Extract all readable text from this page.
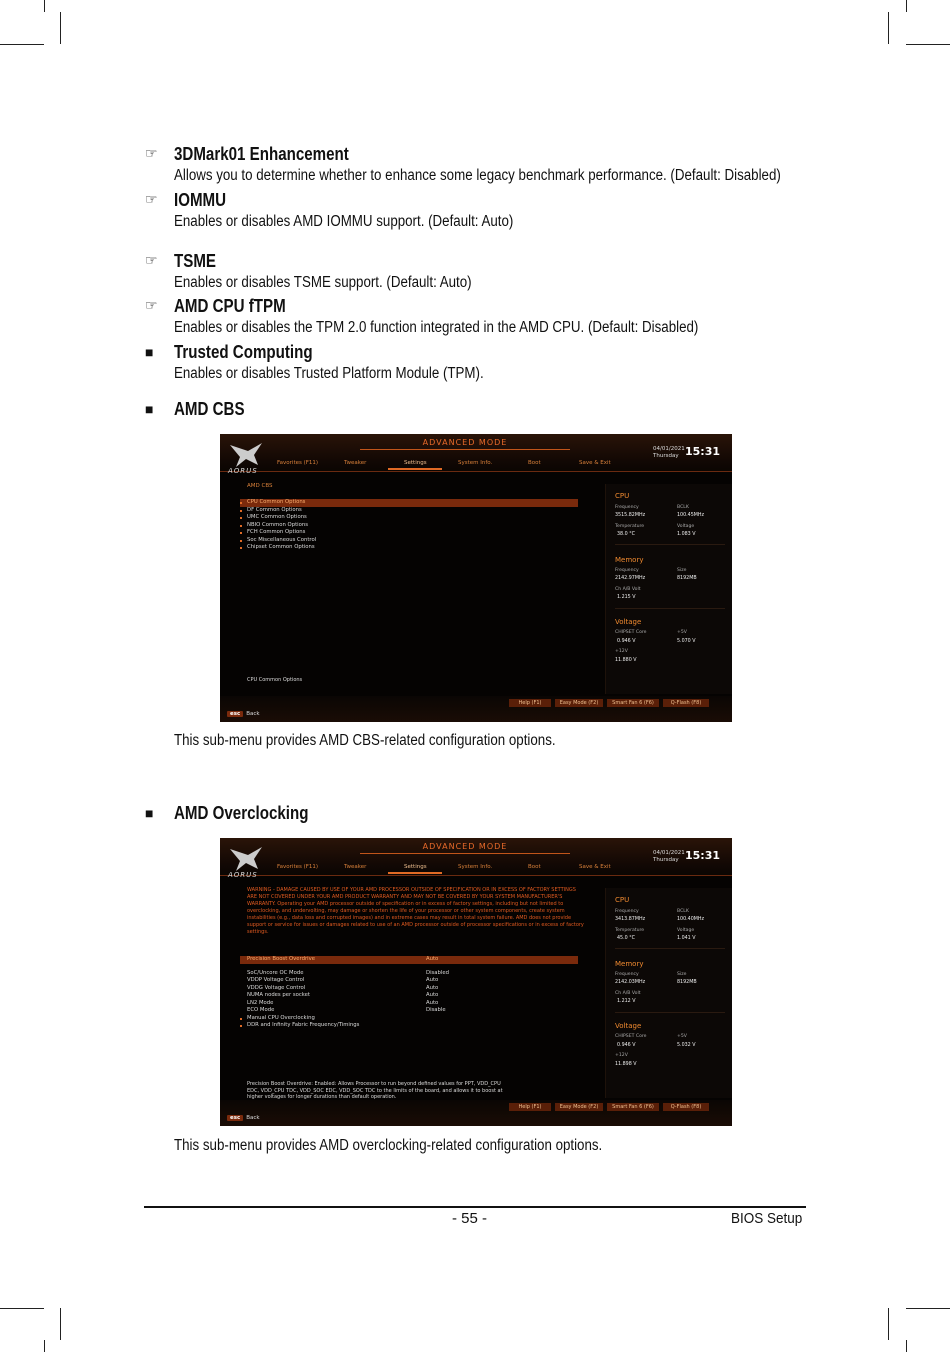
☞ 3DMark01 Enhancement
Allows you to determine whether to enhance some legacy benchmark performance. (Default: Disabled)
☞ IOMMU
Enables or disables AMD IOMMU support. (Default: Auto)
☞ TSME
Enables or disables TSME support. (Default: Auto)
☞ AMD CPU fTPM
Enables or disables the TPM 2.0 function integrated in the AMD CPU. (Default: Disabled)
■ Trusted Computing
Enables or disables Trusted Platform Module (TPM).
■ AMD CBS
AORUS
ADVANCED MODE
Favorites (F11)	Tweaker	Settings	System Info.	Boot	Save & Exit
04/01/2021
Thursday 15:31
AMD CBS
CPU Common Options
DF Common Options
UMC Common Options
NBIO Common Options
FCH Common Options
Soc Miscellaneous Control
Chipset Common Options
CPU
Frequency	BCLK
3515.82MHz	100.45MHz
Temperature	Voltage
38.0 °C	1.083 V
Memory
Frequency	Size
2142.97MHz	8192MB
Ch A/B Volt
1.215 V
Voltage
CHIPSET Core	+5V
0.946 V	5.070 V
+12V
11.880 V
CPU Common Options
Help (F1)	Easy Mode (F2)	Smart Fan 6 (F6)	Q-Flash (F8)
esc Back
This sub-menu provides AMD CBS-related configuration options.
■ AMD Overclocking
AORUS
ADVANCED MODE
Favorites (F11)	Tweaker	Settings	System Info.	Boot	Save & Exit
04/01/2021
Thursday 15:31
WARNING - DAMAGE CAUSED BY USE OF YOUR AMD PROCESSOR OUTSIDE OF SPECIFICATION OR IN EXCESS OF FACTORY SETTINGS ARE NOT COVERED UNDER YOUR AMD PRODUCT WARRANTY AND MAY NOT BE COVERED BY YOUR SYSTEM MANUFACTURER'S WARRANTY. Operating your AMD processor outside of specification or in excess of factory settings, including but not limited to overclocking, and undervolting, may damage or shorten the life of your processor or other system components, create system instabilities (e.g., data loss and corrupted images) and in extreme cases may result in total system failure. AMD does not provide support or service for issues or damages related to use of an AMD processor outside of processor specifications or in excess of factory settings.
Precision Boost Overdrive	Auto
SoC/Uncore OC Mode	Disabled
VDDP Voltage Control	Auto
VDDG Voltage Control	Auto
NUMA nodes per socket	Auto
LN2 Mode	Auto
ECO Mode	Disable
Manual CPU Overclocking
DDR and Infinity Fabric Frequency/Timings
CPU
Frequency	BCLK
3413.87MHz	100.40MHz
Temperature	Voltage
45.0 °C	1.041 V
Memory
Frequency	Size
2142.03MHz	8192MB
Ch A/B Volt
1.212 V
Voltage
CHIPSET Core	+5V
0.946 V	5.032 V
+12V
11.898 V
Precision Boost Overdrive: Enabled: Allows Processor to run beyond defined values for PPT, VDD_CPU EDC, VDD_CPU TDC, VDD_SOC EDC, VDD_SOC TDC to the limits of the board, and allows it to boost at higher voltages for longer durations than default operation.
Help (F1)	Easy Mode (F2)	Smart Fan 6 (F6)	Q-Flash (F8)
esc Back
This sub-menu provides AMD overclocking-related configuration options.
- 55 -	BIOS Setup
